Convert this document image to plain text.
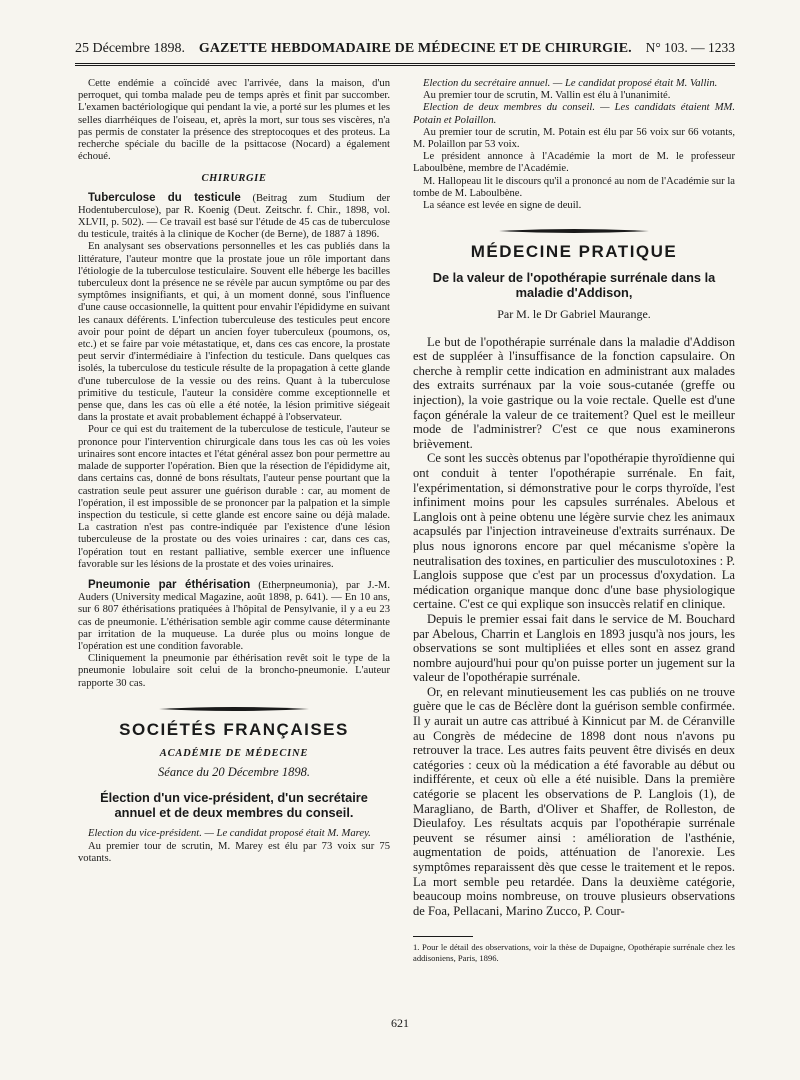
25 Décembre 1898. GAZETTE HEBDOMADAIRE DE MÉDECINE ET DE CHIRURGIE. N° 103. — 1233

Cette endémie a coïncidé avec l'arrivée, dans la maison, d'un perroquet, qui tomba malade peu de temps après et finit par succomber. L'examen bactériologique qui pendant la vie, a porté sur les plumes et les selles diarrhéiques de l'oiseau, et, après la mort, sur tous ses viscères, n'a pas permis de constater la présence des streptocoques et des proteus. La recherche spéciale du bacille de la psittacose (Nocard) a également échoué.

CHIRURGIE

Tuberculose du testicule (Beitrag zum Studium der Hodentuberculose), par R. Koenig (Deut. Zeitschr. f. Chir., 1898, vol. XLVII, p. 502). — Ce travail est basé sur l'étude de 45 cas de tuberculose du testicule, traités à la clinique de Kocher (de Berne), de 1887 à 1896.

En analysant ses observations personnelles et les cas publiés dans la littérature, l'auteur montre que la prostate joue un rôle important dans l'étiologie de la tuberculose testiculaire. Souvent elle héberge les bacilles tuberculeux dont la présence ne se révèle par aucun symptôme ou par des symptômes insignifiants, et qui, à un moment donné, sous l'influence d'une cause occasionnelle, la quittent pour envahir l'épididyme en suivant les canaux déférents. L'infection tuberculeuse des testicules peut encore avoir pour point de départ un ancien foyer tuberculeux (poumons, os, etc.) et se faire par voie métastatique, et, dans ces cas encore, la prostate peut servir d'intermédiaire à l'infection du testicule. Dans quelques cas isolés, la tuberculose du testicule résulte de la propagation à cette glande d'une tuberculose de la vessie ou des reins. Quant à la tuberculose primitive du testicule, l'auteur la considère comme exceptionnelle et pense que, dans les cas où elle a été notée, la lésion primitive siégeait dans la prostate et avait probablement échappé à l'observateur.

Pour ce qui est du traitement de la tuberculose de testicule, l'auteur se prononce pour l'intervention chirurgicale dans tous les cas où les voies urinaires sont encore intactes et l'état général assez bon pour permettre au malade de supporter l'opération. Bien que la résection de l'épididyme ait, dans certains cas, donné de bons résultats, l'auteur pense pourtant que la castration seule peut assurer une guérison durable : car, au moment de l'opération, il est impossible de se prononcer par la palpation et la simple inspection du testicule, si cette glande est encore saine ou déjà malade. La castration n'est pas contre-indiquée par l'existence d'une lésion tuberculeuse de la prostate ou des voies urinaires : car, dans ces cas, l'opération tout en restant palliative, semble exercer une influence favorable sur les lésions de la prostate et des voies urinaires.

Pneumonie par éthérisation (Etherpneumonia), par J.-M. Auders (University medical Magazine, août 1898, p. 641). — En 10 ans, sur 6 807 éthérisations pratiquées à l'hôpital de Pensylvanie, il y a eu 23 cas de pneumonie. L'éthérisation semble agir comme cause déterminante par irritation de la muqueuse. La durée plus ou moins longue de l'opération est une condition favorable.

Cliniquement la pneumonie par éthérisation revêt soit le type de la pneumonie lobulaire soit celui de la broncho-pneumonie. L'auteur rapporte 30 cas.

SOCIÉTÉS FRANÇAISES
ACADÉMIE DE MÉDECINE
Séance du 20 Décembre 1898.
Élection d'un vice-président, d'un secrétaire annuel et de deux membres du conseil.

Election du vice-président. — Le candidat proposé était M. Marey.

Au premier tour de scrutin, M. Marey est élu par 73 voix sur 75 votants.

Election du secrétaire annuel. — Le candidat proposé était M. Vallin.

Au premier tour de scrutin, M. Vallin est élu à l'unanimité.

Election de deux membres du conseil. — Les candidats étaient MM. Potain et Polaillon.

Au premier tour de scrutin, M. Potain est élu par 56 voix sur 66 votants, M. Polaillon par 53 voix.

Le président annonce à l'Académie la mort de M. le professeur Laboulbène, membre de l'Académie.

M. Hallopeau lit le discours qu'il a prononcé au nom de l'Académie sur la tombe de M. Laboulbène.

La séance est levée en signe de deuil.

MÉDECINE PRATIQUE
De la valeur de l'opothérapie surrénale dans la maladie d'Addison,
Par M. le Dr Gabriel Maurange.

Le but de l'opothérapie surrénale dans la maladie d'Addison est de suppléer à l'insuffisance de la fonction capsulaire. On cherche à remplir cette indication en administrant aux malades des extraits surrénaux par la voie sous-cutanée (greffe ou injection), la voie gastrique ou la voie rectale. Quelle est d'une façon générale la valeur de ce traitement? Quel est le meilleur mode de l'administrer? C'est ce que nous examinerons brièvement.

Ce sont les succès obtenus par l'opothérapie thyroïdienne qui ont conduit à tenter l'opothérapie surrénale. En fait, l'expérimentation, si démonstrative pour le corps thyroïde, l'est infiniment moins pour les capsules surrénales. Abelous et Langlois ont à peine obtenu une légère survie chez les animaux acapsulés par l'injection intraveineuse d'extraits surrénaux. De plus nous ignorons encore par quel mécanisme s'opère la neutralisation des toxines, en particulier des musculotoxines : P. Langlois suppose que c'est par un processus d'oxydation. La médication organique manque donc d'une base physiologique certaine. C'est ce qui explique son insuccès relatif en clinique.

Depuis le premier essai fait dans le service de M. Bouchard par Abelous, Charrin et Langlois en 1893 jusqu'à nos jours, les observations se sont multipliées et elles sont en assez grand nombre aujourd'hui pour qu'on puisse porter un jugement sur la valeur de l'opothérapie surrénale.

Or, en relevant minutieusement les cas publiés on ne trouve guère que le cas de Béclère dont la guérison semble confirmée. Il y aurait un autre cas attribué à Kinnicut par M. de Céranville au Congrès de médecine de 1898 dont nous n'avons pu retrouver la trace. Les autres faits peuvent être divisés en deux catégories : ceux où la médication a été favorable au début ou indifférente, et ceux où elle a été nuisible. Dans la première catégorie se placent les observations de P. Langlois (1), de Maragliano, de Barth, d'Oliver et Shaffer, de Rolleston, de Dieulafoy. Les résultats acquis par l'opothérapie surrénale peuvent se résumer ainsi : amélioration de l'asthénie, augmentation de poids, atténuation de l'anorexie. Les symptômes reparaissent dès que cesse le traitement et le repos. La mort semble peu retardée. Dans la deuxième catégorie, beaucoup moins nombreuse, on trouve plusieurs observations de Foa, Pellacani, Marino Zucco, P. Cour-

1. Pour le détail des observations, voir la thèse de Dupaigne, Opothérapie surrénale chez les addisoniens, Paris, 1896.
621
